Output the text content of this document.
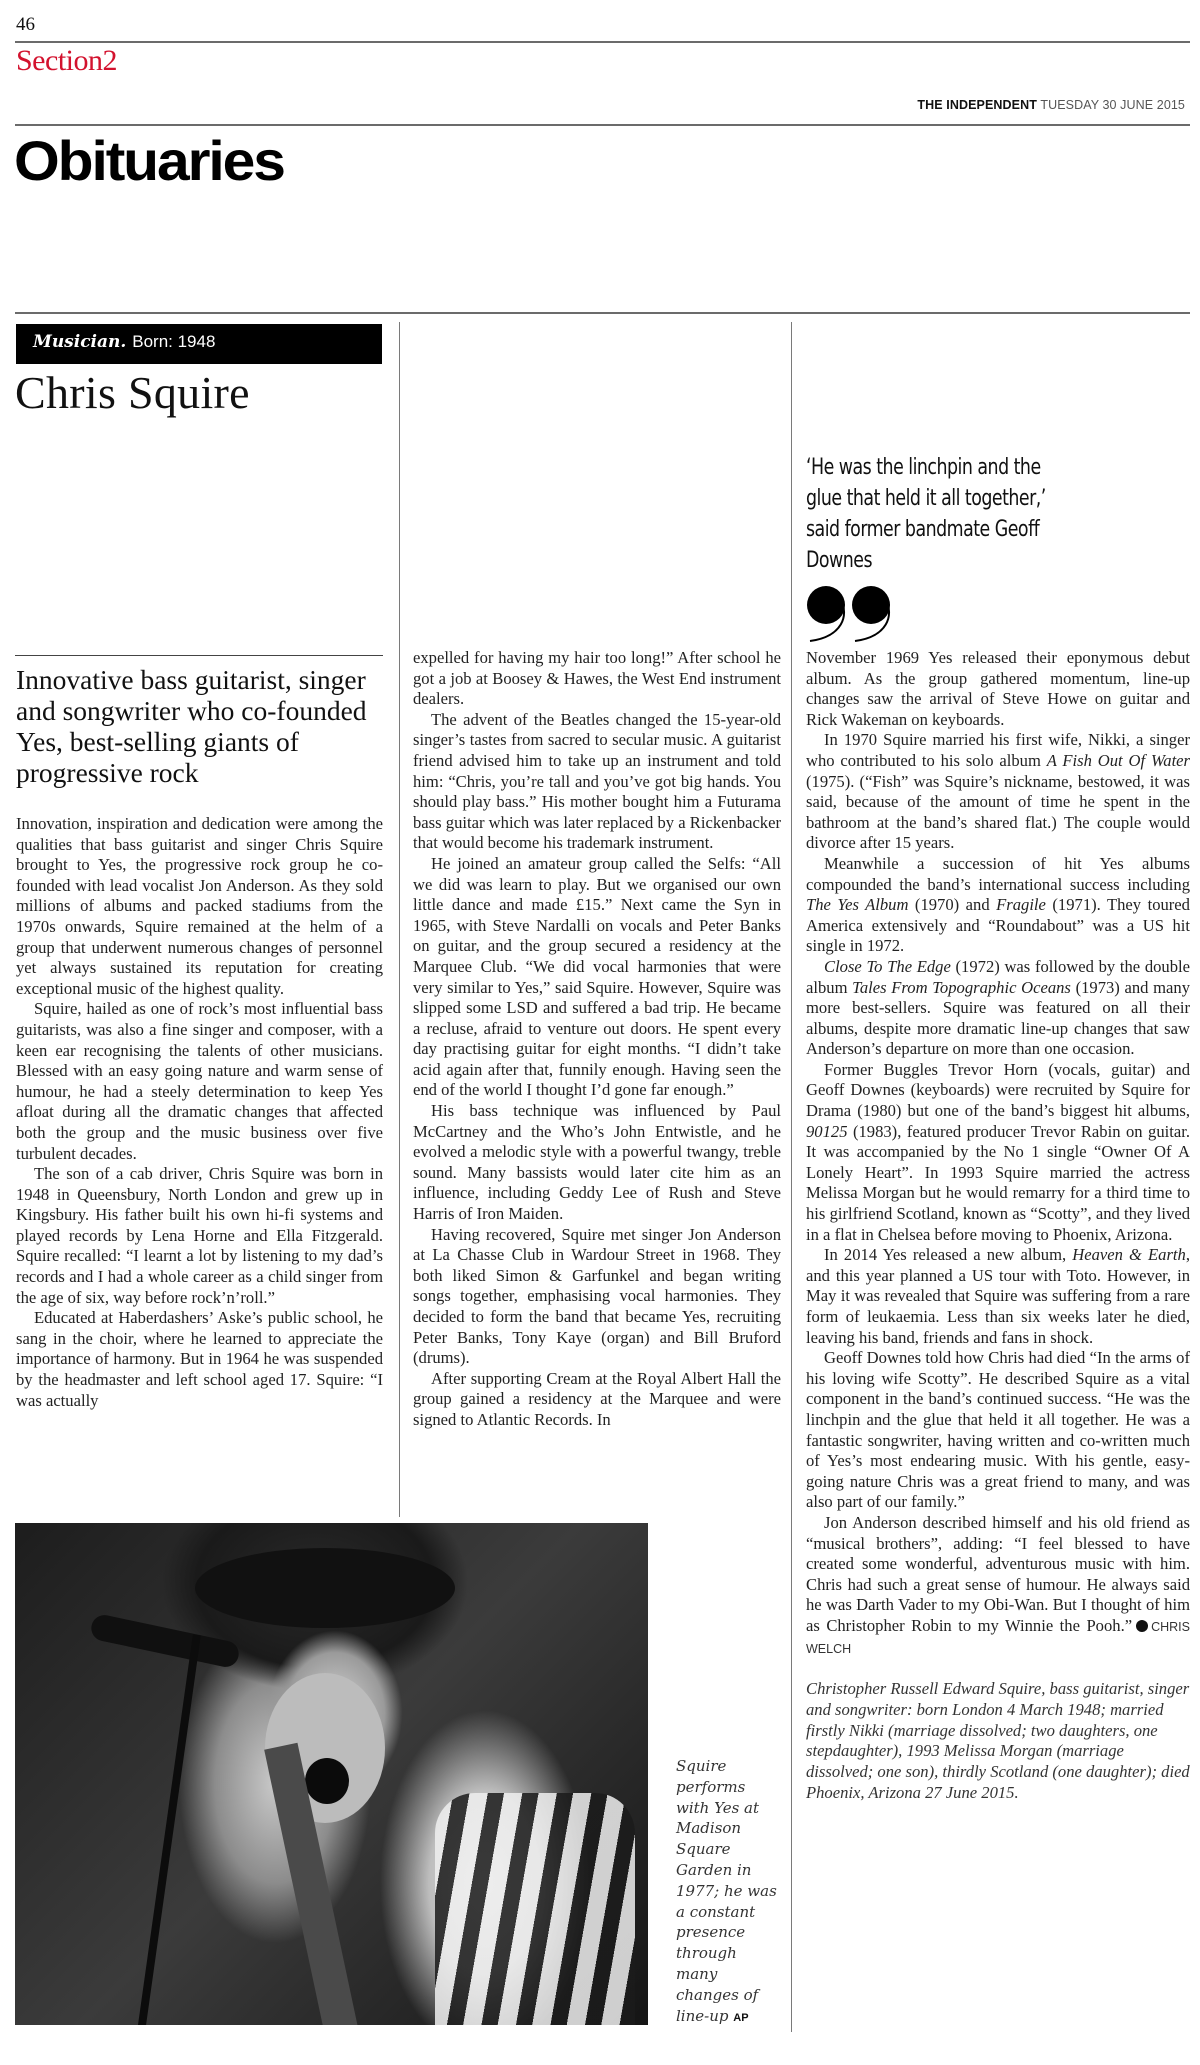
46
Section2
THE INDEPENDENT TUESDAY 30 JUNE 2015
Obituaries
Musician. Born: 1948
Chris Squire
‘He was the linchpin and the glue that held it all together,’ said former bandmate Geoff Downes
Innovative bass guitarist, singer and songwriter who co-founded Yes, best-selling giants of progressive rock

Innovation, inspiration and dedication were among the qualities that bass guitarist and singer Chris Squire brought to Yes, the progressive rock group he co-founded with lead vocalist Jon Anderson. As they sold millions of albums and packed stadiums from the 1970s onwards, Squire remained at the helm of a group that underwent numerous changes of personnel yet always sustained its reputation for creating exceptional music of the highest quality.

Squire, hailed as one of rock’s most influential bass guitarists, was also a fine singer and composer, with a keen ear recognising the talents of other musicians. Blessed with an easy going nature and warm sense of humour, he had a steely determination to keep Yes afloat during all the dramatic changes that affected both the group and the music business over five turbulent decades.

The son of a cab driver, Chris Squire was born in 1948 in Queensbury, North London and grew up in Kingsbury. His father built his own hi-fi systems and played records by Lena Horne and Ella Fitzgerald. Squire recalled: “I learnt a lot by listening to my dad’s records and I had a whole career as a child singer from the age of six, way before rock’n’roll.”

Educated at Haberdashers’ Aske’s public school, he sang in the choir, where he learned to appreciate the importance of harmony. But in 1964 he was suspended by the headmaster and left school aged 17. Squire: “I was actually

expelled for having my hair too long!” After school he got a job at Boosey & Hawes, the West End instrument dealers.

The advent of the Beatles changed the 15-year-old singer’s tastes from sacred to secular music. A guitarist friend advised him to take up an instrument and told him: “Chris, you’re tall and you’ve got big hands. You should play bass.” His mother bought him a Futurama bass guitar which was later replaced by a Rickenbacker that would become his trademark instrument.

He joined an amateur group called the Selfs: “All we did was learn to play. But we organised our own little dance and made £15.” Next came the Syn in 1965, with Steve Nardalli on vocals and Peter Banks on guitar, and the group secured a residency at the Marquee Club. “We did vocal harmonies that were very similar to Yes,” said Squire. However, Squire was slipped some LSD and suffered a bad trip. He became a recluse, afraid to venture out doors. He spent every day practising guitar for eight months. “I didn’t take acid again after that, funnily enough. Having seen the end of the world I thought I’d gone far enough.”

His bass technique was influenced by Paul McCartney and the Who’s John Entwistle, and he evolved a melodic style with a powerful twangy, treble sound. Many bassists would later cite him as an influence, including Geddy Lee of Rush and Steve Harris of Iron Maiden.

Having recovered, Squire met singer Jon Anderson at La Chasse Club in Wardour Street in 1968. They both liked Simon & Garfunkel and began writing songs together, emphasising vocal harmonies. They decided to form the band that became Yes, recruiting Peter Banks, Tony Kaye (organ) and Bill Bruford (drums).

After supporting Cream at the Royal Albert Hall the group gained a residency at the Marquee and were signed to Atlantic Records. In

November 1969 Yes released their eponymous debut album. As the group gathered momentum, line-up changes saw the arrival of Steve Howe on guitar and Rick Wakeman on keyboards.

In 1970 Squire married his first wife, Nikki, a singer who contributed to his solo album A Fish Out Of Water (1975). (“Fish” was Squire’s nickname, bestowed, it was said, because of the amount of time he spent in the bathroom at the band’s shared flat.) The couple would divorce after 15 years.

Meanwhile a succession of hit Yes albums compounded the band’s international success including The Yes Album (1970) and Fragile (1971). They toured America extensively and “Roundabout” was a US hit single in 1972.

Close To The Edge (1972) was followed by the double album Tales From Topographic Oceans (1973) and many more best-sellers. Squire was featured on all their albums, despite more dramatic line-up changes that saw Anderson’s departure on more than one occasion.

Former Buggles Trevor Horn (vocals, guitar) and Geoff Downes (keyboards) were recruited by Squire for Drama (1980) but one of the band’s biggest hit albums, 90125 (1983), featured producer Trevor Rabin on guitar. It was accompanied by the No 1 single “Owner Of A Lonely Heart”. In 1993 Squire married the actress Melissa Morgan but he would remarry for a third time to his girlfriend Scotland, known as “Scotty”, and they lived in a flat in Chelsea before moving to Phoenix, Arizona.

In 2014 Yes released a new album, Heaven & Earth, and this year planned a US tour with Toto. However, in May it was revealed that Squire was suffering from a rare form of leukaemia. Less than six weeks later he died, leaving his band, friends and fans in shock.

Geoff Downes told how Chris had died “In the arms of his loving wife Scotty”. He described Squire as a vital component in the band’s continued success. “He was the linchpin and the glue that held it all together. He was a fantastic songwriter, having written and co-written much of Yes’s most endearing music. With his gentle, easy-going nature Chris was a great friend to many, and was also part of our family.”

Jon Anderson described himself and his old friend as “musical brothers”, adding: “I feel blessed to have created some wonderful, adventurous music with him. Chris had such a great sense of humour. He always said he was Darth Vader to my Obi-Wan. But I thought of him as Christopher Robin to my Winnie the Pooh.” CHRIS WELCH

Christopher Russell Edward Squire, bass guitarist, singer and songwriter: born London 4 March 1948; married firstly Nikki (marriage dissolved; two daughters, one stepdaughter), 1993 Melissa Morgan (marriage dissolved; one son), thirdly Scotland (one daughter); died Phoenix, Arizona 27 June 2015.

Squire performs with Yes at Madison Square Garden in 1977; he was a constant presence through many changes of line-up AP
